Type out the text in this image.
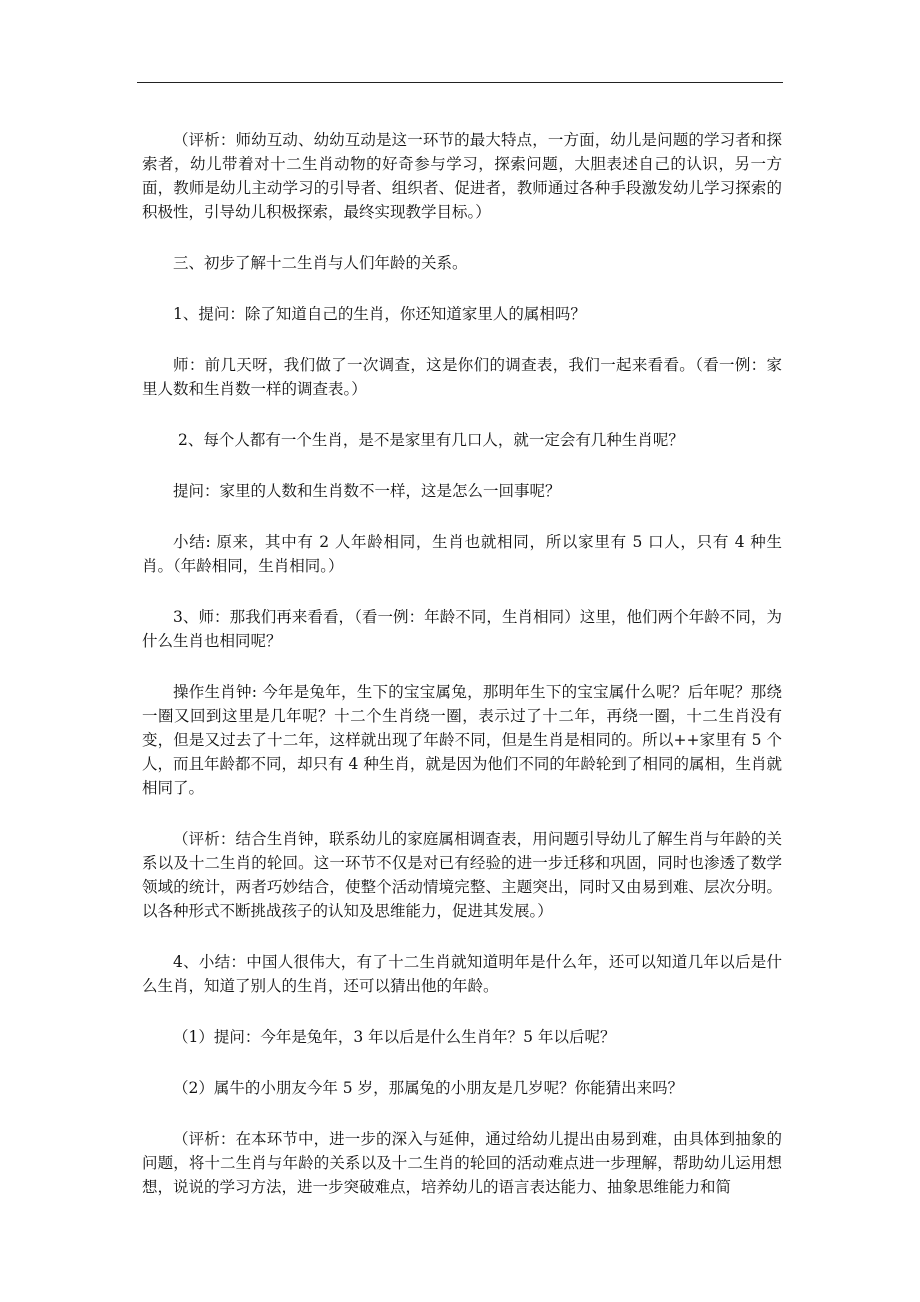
（评析：师幼互动、幼幼互动是这一环节的最大特点，一方面，幼儿是问题的学习者和探索者，幼儿带着对十二生肖动物的好奇参与学习，探索问题，大胆表述自己的认识，另一方面，教师是幼儿主动学习的引导者、组织者、促进者，教师通过各种手段激发幼儿学习探索的积极性，引导幼儿积极探索，最终实现教学目标。）

三、初步了解十二生肖与人们年龄的关系。

1、提问：除了知道自己的生肖，你还知道家里人的属相吗？

师：前几天呀，我们做了一次调查，这是你们的调查表，我们一起来看看。（看一例：家里人数和生肖数一样的调查表。）

2、每个人都有一个生肖，是不是家里有几口人，就一定会有几种生肖呢？

提问：家里的人数和生肖数不一样，这是怎么一回事呢？

小结: 原来，其中有 2 人年龄相同，生肖也就相同，所以家里有 5 口人，只有 4 种生肖。（年龄相同，生肖相同。）

3、师：那我们再来看看，（看一例：年龄不同，生肖相同）这里，他们两个年龄不同，为什么生肖也相同呢？

操作生肖钟: 今年是兔年，生下的宝宝属兔，那明年生下的宝宝属什么呢？后年呢？那绕一圈又回到这里是几年呢？十二个生肖绕一圈，表示过了十二年，再绕一圈，十二生肖没有变，但是又过去了十二年，这样就出现了年龄不同，但是生肖是相同的。所以++家里有 5 个人，而且年龄都不同，却只有 4 种生肖，就是因为他们不同的年龄轮到了相同的属相，生肖就相同了。

（评析：结合生肖钟，联系幼儿的家庭属相调查表，用问题引导幼儿了解生肖与年龄的关系以及十二生肖的轮回。这一环节不仅是对已有经验的进一步迁移和巩固，同时也渗透了数学领域的统计，两者巧妙结合，使整个活动情境完整、主题突出，同时又由易到难、层次分明。以各种形式不断挑战孩子的认知及思维能力，促进其发展。）

4、小结：中国人很伟大，有了十二生肖就知道明年是什么年，还可以知道几年以后是什么生肖，知道了别人的生肖，还可以猜出他的年龄。

（1）提问：今年是兔年，3 年以后是什么生肖年？5 年以后呢？

（2）属牛的小朋友今年 5 岁，那属兔的小朋友是几岁呢？你能猜出来吗？

（评析：在本环节中，进一步的深入与延伸，通过给幼儿提出由易到难，由具体到抽象的问题，将十二生肖与年龄的关系以及十二生肖的轮回的活动难点进一步理解，帮助幼儿运用想想，说说的学习方法，进一步突破难点，培养幼儿的语言表达能力、抽象思维能力和简
